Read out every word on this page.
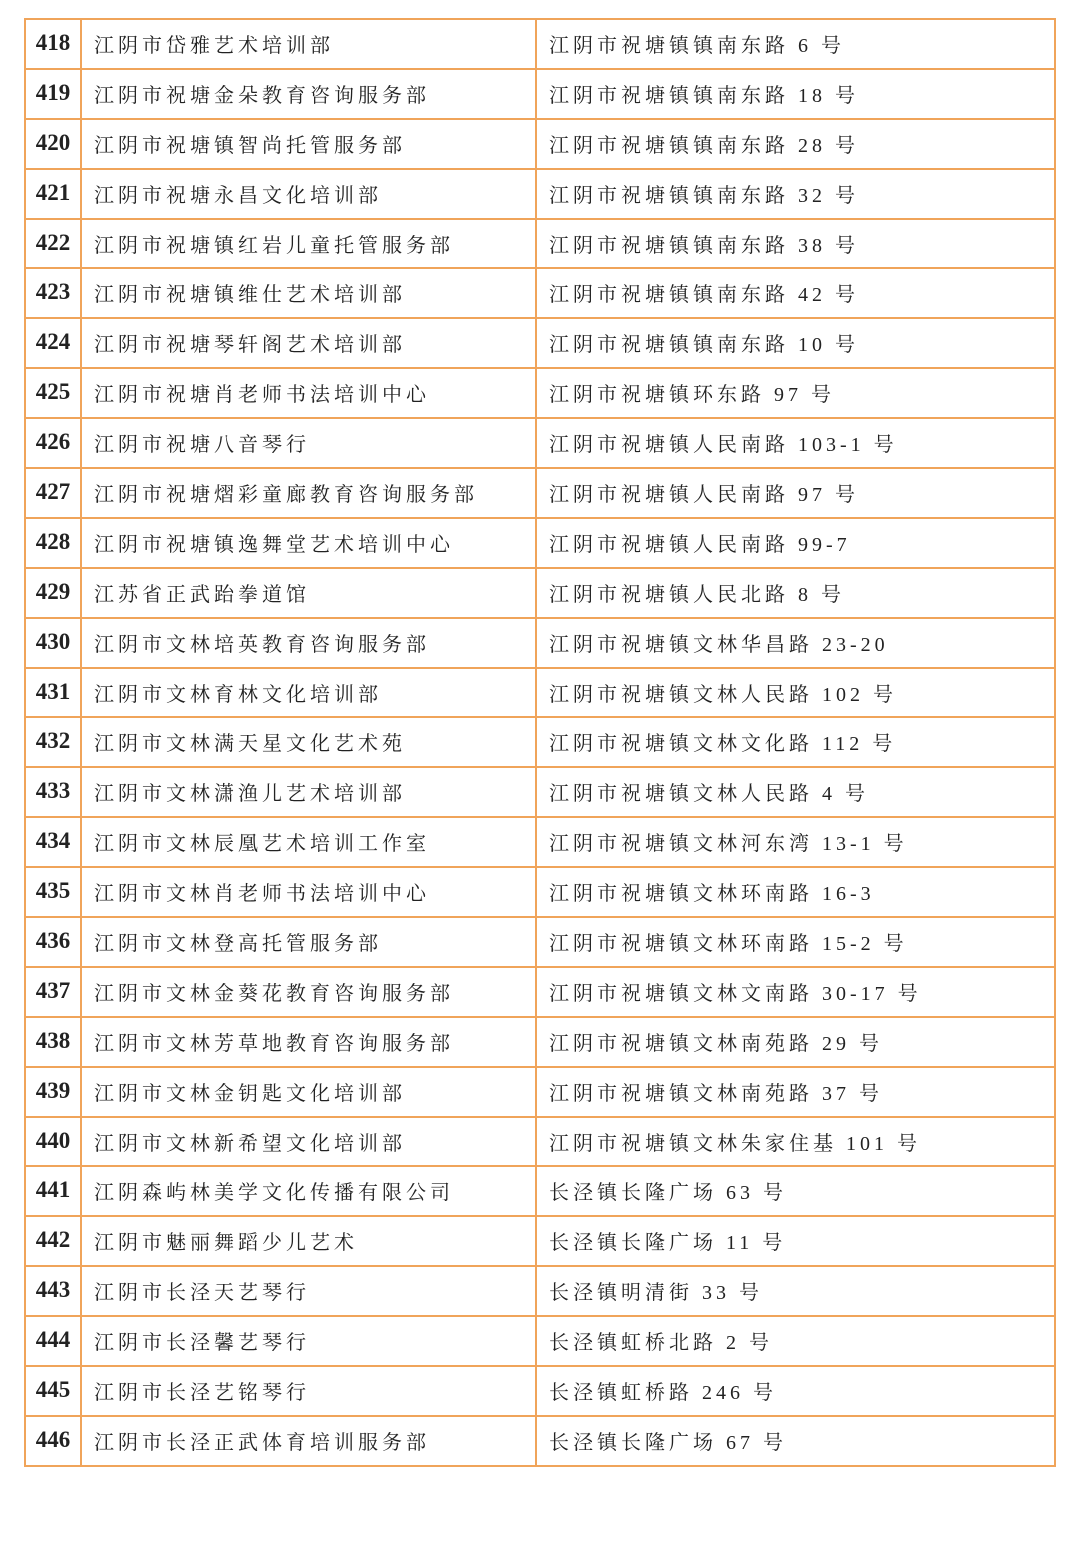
418	江阴市岱雅艺术培训部	江阴市祝塘镇镇南东路 6 号
419	江阴市祝塘金朵教育咨询服务部	江阴市祝塘镇镇南东路 18 号
420	江阴市祝塘镇智尚托管服务部	江阴市祝塘镇镇南东路 28 号
421	江阴市祝塘永昌文化培训部	江阴市祝塘镇镇南东路 32 号
422	江阴市祝塘镇红岩儿童托管服务部	江阴市祝塘镇镇南东路 38 号
423	江阴市祝塘镇维仕艺术培训部	江阴市祝塘镇镇南东路 42 号
424	江阴市祝塘琴轩阁艺术培训部	江阴市祝塘镇镇南东路 10 号
425	江阴市祝塘肖老师书法培训中心	江阴市祝塘镇环东路 97 号
426	江阴市祝塘八音琴行	江阴市祝塘镇人民南路 103-1 号
427	江阴市祝塘熠彩童廊教育咨询服务部	江阴市祝塘镇人民南路 97 号
428	江阴市祝塘镇逸舞堂艺术培训中心	江阴市祝塘镇人民南路 99-7
429	江苏省正武跆拳道馆	江阴市祝塘镇人民北路 8 号
430	江阴市文林培英教育咨询服务部	江阴市祝塘镇文林华昌路 23-20
431	江阴市文林育林文化培训部	江阴市祝塘镇文林人民路 102 号
432	江阴市文林满天星文化艺术苑	江阴市祝塘镇文林文化路 112 号
433	江阴市文林潇渔儿艺术培训部	江阴市祝塘镇文林人民路 4 号
434	江阴市文林辰凰艺术培训工作室	江阴市祝塘镇文林河东湾 13-1 号
435	江阴市文林肖老师书法培训中心	江阴市祝塘镇文林环南路 16-3
436	江阴市文林登高托管服务部	江阴市祝塘镇文林环南路 15-2 号
437	江阴市文林金葵花教育咨询服务部	江阴市祝塘镇文林文南路 30-17 号
438	江阴市文林芳草地教育咨询服务部	江阴市祝塘镇文林南苑路 29 号
439	江阴市文林金钥匙文化培训部	江阴市祝塘镇文林南苑路 37 号
440	江阴市文林新希望文化培训部	江阴市祝塘镇文林朱家住基 101 号
441	江阴森屿林美学文化传播有限公司	长泾镇长隆广场 63 号
442	江阴市魅丽舞蹈少儿艺术	长泾镇长隆广场 11 号
443	江阴市长泾天艺琴行	长泾镇明清街 33 号
444	江阴市长泾馨艺琴行	长泾镇虹桥北路 2 号
445	江阴市长泾艺铭琴行	长泾镇虹桥路 246 号
446	江阴市长泾正武体育培训服务部	长泾镇长隆广场 67 号
